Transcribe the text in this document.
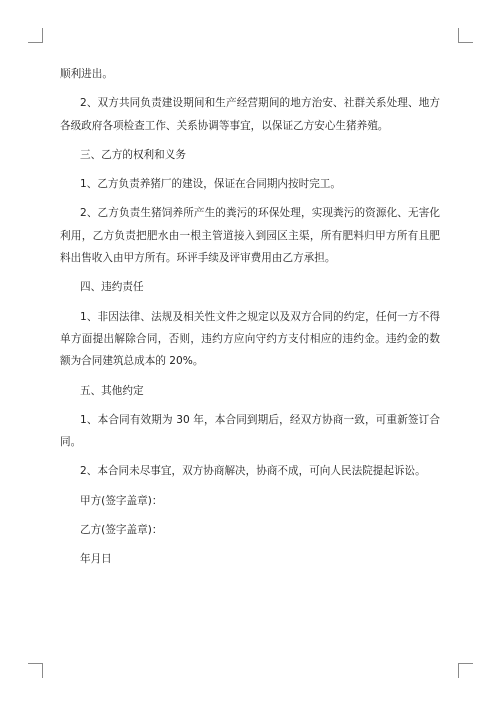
顺利进出。

2、双方共同负责建设期间和生产经营期间的地方治安、社群关系处理、地方各级政府各项检查工作、关系协调等事宜，以保证乙方安心生猪养殖。

三、乙方的权利和义务

1、乙方负责养猪厂的建设，保证在合同期内按时完工。

2、乙方负责生猪饲养所产生的粪污的环保处理，实现粪污的资源化、无害化利用，乙方负责把肥水由一根主管道接入到园区主渠，所有肥料归甲方所有且肥料出售收入由甲方所有。环评手续及评审费用由乙方承担。

四、违约责任

1、非因法律、法规及相关性文件之规定以及双方合同的约定，任何一方不得单方面提出解除合同，否则，违约方应向守约方支付相应的违约金。违约金的数额为合同建筑总成本的 20%。

五、其他约定

1、本合同有效期为 30 年，本合同到期后，经双方协商一致，可重新签订合同。

2、本合同未尽事宜，双方协商解决，协商不成，可向人民法院提起诉讼。

甲方(签字盖章)：

乙方(签字盖章)：

年月日
